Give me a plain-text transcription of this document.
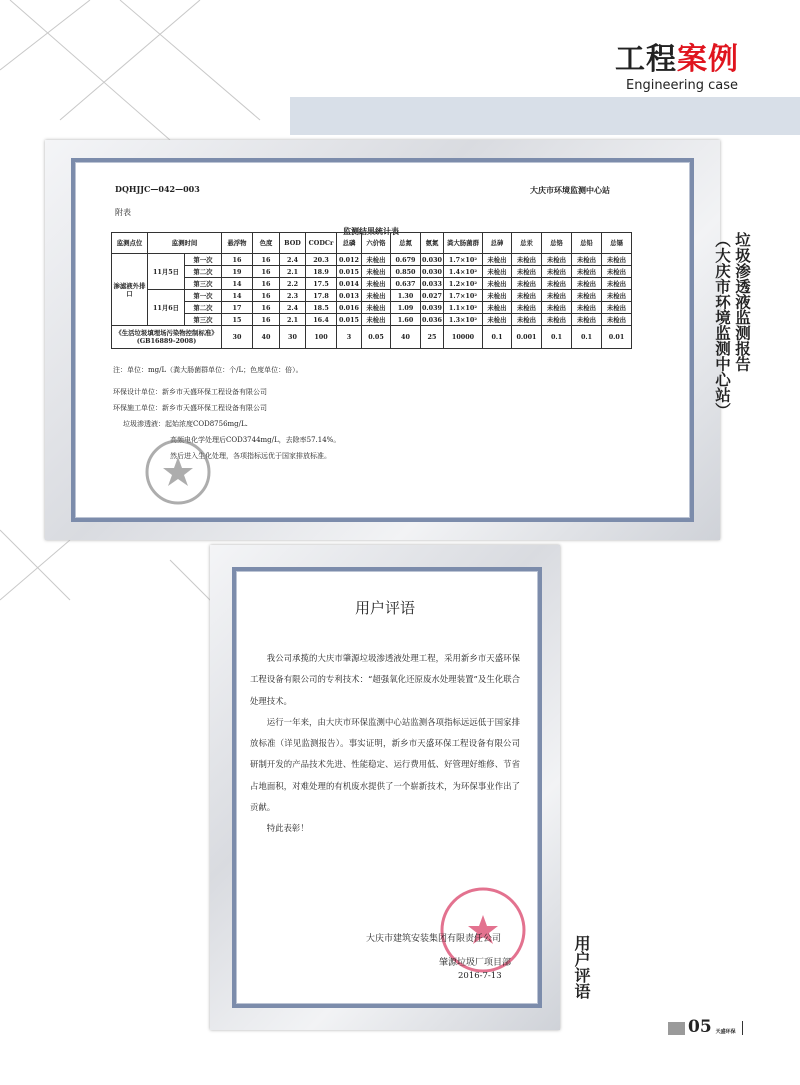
工程案例
Engineering case
DQHJJC—042—003	大庆市环境监测中心站
附表
监测结果统计表
监测点位	监测时间		悬浮物	色度	BOD	CODCr	总磷	六价铬	总氮	氨氮	粪大肠菌群	总砷	总汞	总铬	总铅	总镉
渗滤液外排口	11月5日	第一次	16	16	2.4	20.3	0.012	未检出	0.679	0.030	1.7×10²	未检出	未检出	未检出	未检出	未检出
		第二次	19	16	2.1	18.9	0.015	未检出	0.850	0.030	1.4×10²	未检出	未检出	未检出	未检出	未检出
		第三次	14	16	2.2	17.5	0.014	未检出	0.637	0.033	1.2×10²	未检出	未检出	未检出	未检出	未检出
	11月6日	第一次	14	16	2.3	17.8	0.013	未检出	1.30	0.027	1.7×10²	未检出	未检出	未检出	未检出	未检出
		第二次	17	16	2.4	18.5	0.016	未检出	1.09	0.039	1.1×10²	未检出	未检出	未检出	未检出	未检出
		第三次	15	16	2.1	16.4	0.015	未检出	1.60	0.036	1.3×10²	未检出	未检出	未检出	未检出	未检出
《生活垃圾填埋场污染物控制标准》(GB16889-2008)			30	40	30	100	3	0.05	40	25	10000	0.1	0.001	0.1	0.1	0.01

注：单位：mg/L（粪大肠菌群单位：个/L；色度单位：倍）。

环保设计单位：新乡市天盛环保工程设备有限公司

环保施工单位：新乡市天盛环保工程设备有限公司

垃圾渗透液：起始浓度COD8756mg/L.

高频电化学处理后COD3744mg/L，去除率57.14%。

然后进入生化处理，各项指标远优于国家排放标准。

垃圾渗透液监测报告
（大庆市环境监测中心站）
用户评语

我公司承揽的大庆市肇源垃圾渗透液处理工程，采用新乡市天盛环保工程设备有限公司的专利技术：“超强氧化还原废水处理装置”及生化联合处理技术。

运行一年来，由大庆市环保监测中心站监测各项指标远远低于国家排放标准（详见监测报告）。事实证明，新乡市天盛环保工程设备有限公司研制开发的产品技术先进、性能稳定、运行费用低、好管理好维修、节省占地面积，对难处理的有机废水提供了一个崭新技术，为环保事业作出了贡献。

特此表彰！

大庆市建筑安装集团有限责任公司
肇源垃圾厂项目部
2016-7-13	用户评语
05 天盛环保
